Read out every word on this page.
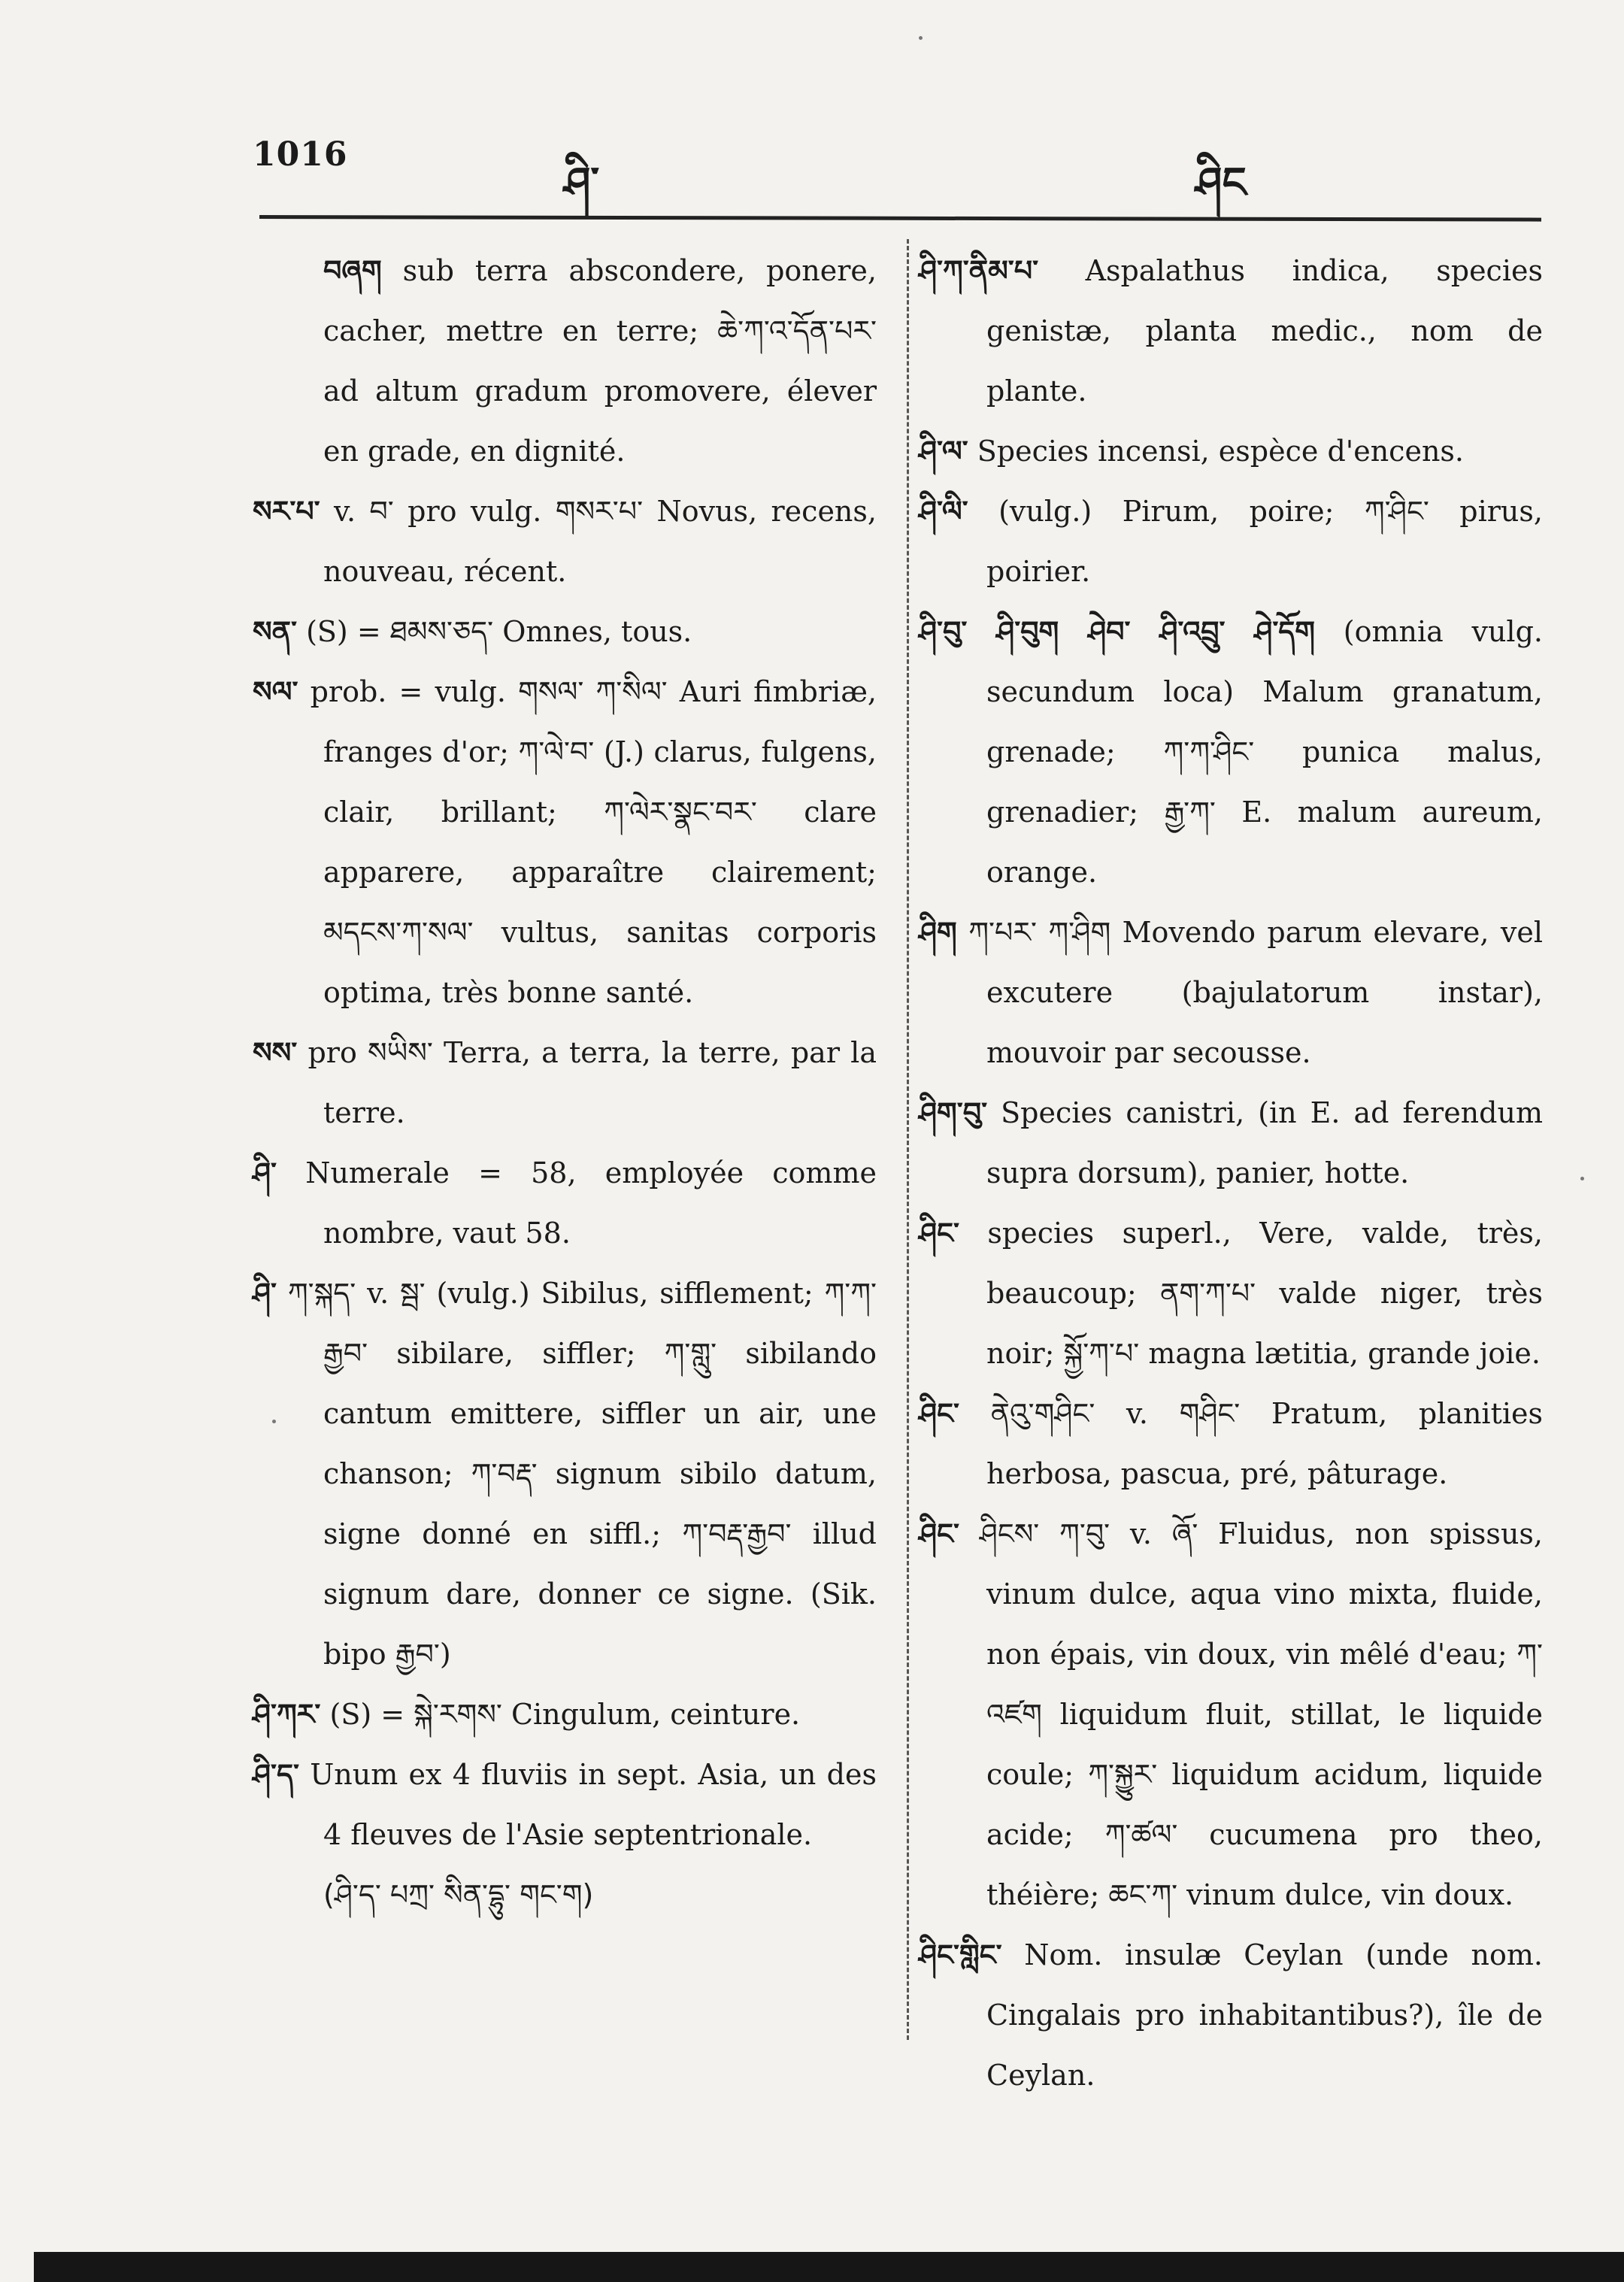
1016
ཤི་	ཤིང

བཞག sub terra abscondere, ponere, cacher, mettre en terre; ཆེ་ཀ་འ་དོན་པར་ ad altum gradum promovere, élever en grade, en dignité.

སར་པ་ v. བ་ pro vulg. གསར་པ་ Novus, recens, nouveau, récent.

སན་ (S) = ཐམས་ཅད་ Omnes, tous.

སལ་ prob. = vulg. གསལ་ ཀ་སིལ་ Auri fimbriæ, franges d'or; ཀ་ལེ་བ་ (J.) clarus, fulgens, clair, brillant; ཀ་ལེར་སྣང་བར་ clare apparere, apparaître clairement; མདངས་ཀ་སལ་ vultus, sanitas corporis optima, très bonne santé.

སས་ pro སཡིས་ Terra, a terra, la terre, par la terre.

ཤི་ Numerale = 58, employée comme nombre, vaut 58.

ཤི་ ཀ་སྐད་ v. སྦ་ (vulg.) Sibilus, sifflement; ཀ་ཀ་རྒྱབ་ sibilare, siffler; ཀ་གླུ་ sibilando cantum emittere, siffler un air, une chanson; ཀ་བརྡ་ signum sibilo datum, signe donné en siffl.; ཀ་བརྡ་རྒྱབ་ illud signum dare, donner ce signe. (Sik. bipo རྒྱབ་)

ཤི་ཀར་ (S) = སྐེ་རགས་ Cingulum, ceinture.

ཤི་ད་ Unum ex 4 fluviis in sept. Asia, un des 4 fleuves de l'Asie septentrionale.

(ཤི་ད་ པཀྲ་ སིན་དྷུ་ གང་ག)

ཤི་ཀ་ནིམ་པ་ Aspalathus indica, species genistæ, planta medic., nom de plante.

ཤི་ལ་ Species incensi, espèce d'encens.

ཤི་ལི་ (vulg.) Pirum, poire; ཀ་ཤིང་ pirus, poirier.

ཤི་བུ་ ཤི་བུག ཤེབ་ ཤི་འབྲུ་ ཤེ་དོག (omnia vulg. secundum loca) Malum granatum, grenade; ཀ་ཀ་ཤིང་ punica malus, grenadier; རྒྱ་ཀ་ E. malum aureum, orange.

ཤིག ཀ་པར་ ཀ་ཤིག Movendo parum elevare, vel excutere (bajulatorum instar), mouvoir par secousse.

ཤིག་བུ་ Species canistri, (in E. ad ferendum supra dorsum), panier, hotte.

ཤིང་ species superl., Vere, valde, très, beaucoup; ནག་ཀ་པ་ valde niger, très noir; སྐྱོ་ཀ་པ་ magna lætitia, grande joie.

ཤིང་ ནེའུ་གཤིང་ v. གཤིང་ Pratum, planities herbosa, pascua, pré, pâturage.

ཤིང་ ཤིངས་ ཀ་བུ་ v. ཞོ་ Fluidus, non spissus, vinum dulce, aqua vino mixta, fluide, non épais, vin doux, vin mêlé d'eau; ཀ་འཛག liquidum fluit, stillat, le liquide coule; ཀ་སྐྱུར་ liquidum acidum, liquide acide; ཀ་ཚལ་ cucumena pro theo, théière; ཆང་ཀ་ vinum dulce, vin doux.

ཤིང་གླིང་ Nom. insulæ Ceylan (unde nom. Cingalais pro inhabitantibus?), île de Ceylan.
